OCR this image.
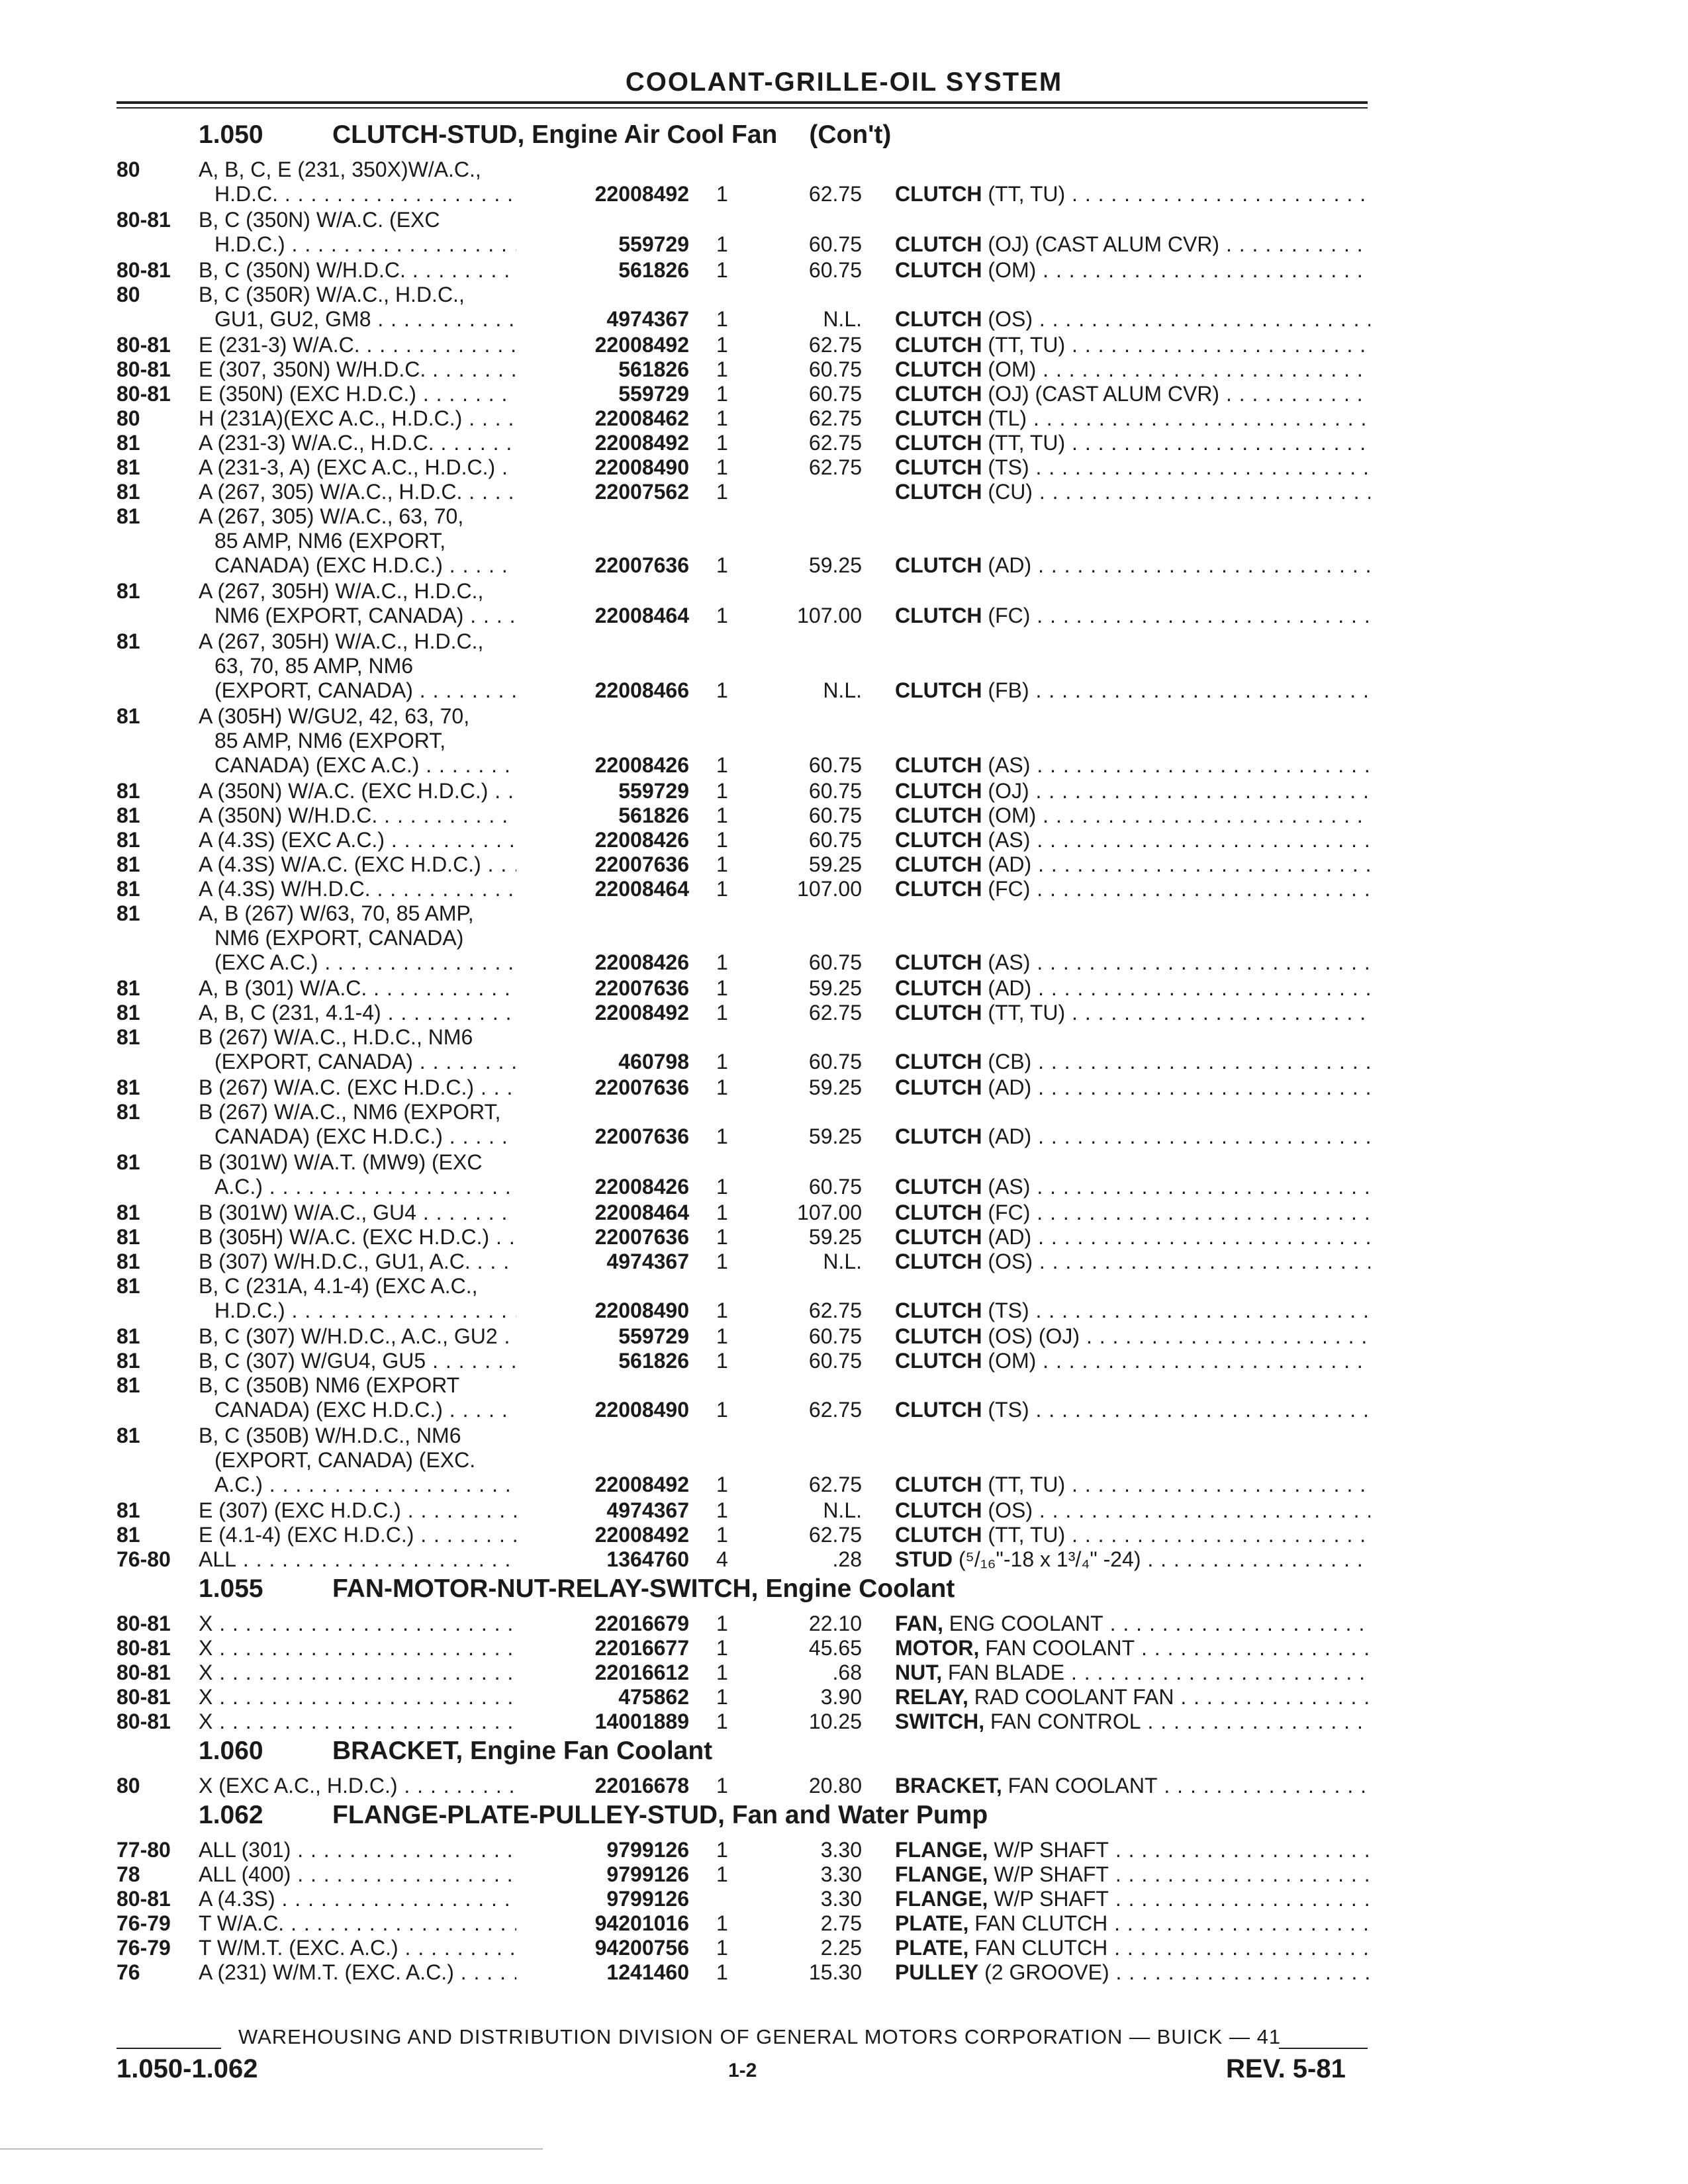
COOLANT-GRILLE-OIL SYSTEM
1.050	CLUTCH-STUD, Engine Air Cool Fan (Con't)
80	A, B, C, E (231, 350X)W/A.C.,
H.D.C. . . .	22008492 1	62.75 CLUTCH (TT, TU) . . .
80-81 B, C (350N) W/A.C. (EXC
H.D.C.) . . .	559729 1	60.75 CLUTCH (OJ) (CAST ALUM CVR) . . .
80-81 B, C (350N) W/H.D.C. . . .	561826 1	60.75 CLUTCH (OM) . . .
80	B, C (350R) W/A.C., H.D.C.,
GU1, GU2, GM8 . . .	4974367 1	N.L. CLUTCH (OS) . . .
80-81 E (231-3) W/A.C. . . .	22008492 1	62.75 CLUTCH (TT, TU) . . .
80-81 E (307, 350N) W/H.D.C. . . .	561826 1	60.75 CLUTCH (OM) . . .
80-81 E (350N) (EXC H.D.C.) . . .	559729 1	60.75 CLUTCH (OJ) (CAST ALUM CVR) . . .
80	H (231A)(EXC A.C., H.D.C.) . . .	22008462 1	62.75 CLUTCH (TL) . . .
81	A (231-3) W/A.C., H.D.C. . . .	22008492 1	62.75 CLUTCH (TT, TU) . . .
81	A (231-3, A) (EXC A.C., H.D.C.) . . .	22008490 1	62.75 CLUTCH (TS) . . .
81	A (267, 305) W/A.C., H.D.C. . . .	22007562 1	CLUTCH (CU) . . .
81	A (267, 305) W/A.C., 63, 70,
85 AMP, NM6 (EXPORT,
CANADA) (EXC H.D.C.) . . .	22007636 1	59.25 CLUTCH (AD) . . .
81	A (267, 305H) W/A.C., H.D.C.,
NM6 (EXPORT, CANADA) . . .	22008464 1	107.00 CLUTCH (FC) . . .
81	A (267, 305H) W/A.C., H.D.C.,
63, 70, 85 AMP, NM6
(EXPORT, CANADA) . . .	22008466 1	N.L. CLUTCH (FB) . . .
81	A (305H) W/GU2, 42, 63, 70,
85 AMP, NM6 (EXPORT,
CANADA) (EXC A.C.) . . .	22008426 1	60.75 CLUTCH (AS) . . .
81	A (350N) W/A.C. (EXC H.D.C.) . . .	559729 1	60.75 CLUTCH (OJ) . . .
81	A (350N) W/H.D.C. . . .	561826 1	60.75 CLUTCH (OM) . . .
81	A (4.3S) (EXC A.C.) . . .	22008426 1	60.75 CLUTCH (AS) . . .
81	A (4.3S) W/A.C. (EXC H.D.C.) . . .	22007636 1	59.25 CLUTCH (AD) . . .
81	A (4.3S) W/H.D.C. . . .	22008464 1	107.00 CLUTCH (FC) . . .
81	A, B (267) W/63, 70, 85 AMP,
NM6 (EXPORT, CANADA)
(EXC A.C.) . . .	22008426 1	60.75 CLUTCH (AS) . . .
81	A, B (301) W/A.C. . . .	22007636 1	59.25 CLUTCH (AD) . . .
81	A, B, C (231, 4.1-4) . . .	22008492 1	62.75 CLUTCH (TT, TU) . . .
81	B (267) W/A.C., H.D.C., NM6
(EXPORT, CANADA) . . .	460798 1	60.75 CLUTCH (CB) . . .
81	B (267) W/A.C. (EXC H.D.C.) . . .	22007636 1	59.25 CLUTCH (AD) . . .
81	B (267) W/A.C., NM6 (EXPORT,
CANADA) (EXC H.D.C.) . . .	22007636 1	59.25 CLUTCH (AD) . . .
81	B (301W) W/A.T. (MW9) (EXC
A.C.) . . .	22008426 1	60.75 CLUTCH (AS) . . .
81	B (301W) W/A.C., GU4 . . .	22008464 1	107.00 CLUTCH (FC) . . .
81	B (305H) W/A.C. (EXC H.D.C.) . . .	22007636 1	59.25 CLUTCH (AD) . . .
81	B (307) W/H.D.C., GU1, A.C. . . .	4974367 1	N.L. CLUTCH (OS) . . .
81	B, C (231A, 4.1-4) (EXC A.C.,
H.D.C.) . . .	22008490 1	62.75 CLUTCH (TS) . . .
81	B, C (307) W/H.D.C., A.C., GU2 . . .	559729 1	60.75 CLUTCH (OS) (OJ) . . .
81	B, C (307) W/GU4, GU5 . . .	561826 1	60.75 CLUTCH (OM) . . .
81	B, C (350B) NM6 (EXPORT
CANADA) (EXC H.D.C.) . . .	22008490 1	62.75 CLUTCH (TS) . . .
81	B, C (350B) W/H.D.C., NM6
(EXPORT, CANADA) (EXC.
A.C.) . . .	22008492 1	62.75 CLUTCH (TT, TU) . . .
81	E (307) (EXC H.D.C.) . . .	4974367 1	N.L. CLUTCH (OS) . . .
81	E (4.1-4) (EXC H.D.C.) . . .	22008492 1	62.75 CLUTCH (TT, TU) . . .
76-80 ALL . . .	1364760 4	.28 STUD (⁵/₁₆"-18 x 1³/₄" -24) . . .
1.055	FAN-MOTOR-NUT-RELAY-SWITCH, Engine Coolant
80-81 X . . .	22016679 1	22.10 FAN, ENG COOLANT . . .
80-81 X . . .	22016677 1	45.65 MOTOR, FAN COOLANT . . .
80-81 X . . .	22016612 1	.68 NUT, FAN BLADE . . .
80-81 X . . .	475862 1	3.90 RELAY, RAD COOLANT FAN . . .
80-81 X . . .	14001889 1	10.25 SWITCH, FAN CONTROL . . .
1.060	BRACKET, Engine Fan Coolant
80	X (EXC A.C., H.D.C.) . . .	22016678 1	20.80 BRACKET, FAN COOLANT . . .
1.062	FLANGE-PLATE-PULLEY-STUD, Fan and Water Pump
77-80 ALL (301) . . .	9799126 1	3.30 FLANGE, W/P SHAFT . . .
78	ALL (400) . . .	9799126 1	3.30 FLANGE, W/P SHAFT . . .
80-81 A (4.3S) . . .	9799126	3.30 FLANGE, W/P SHAFT . . .
76-79 T W/A.C. . . .	94201016 1	2.75 PLATE, FAN CLUTCH . . .
76-79 T W/M.T. (EXC. A.C.) . . .	94200756 1	2.25 PLATE, FAN CLUTCH . . .
76	A (231) W/M.T. (EXC. A.C.) . . .	1241460 1	15.30 PULLEY (2 GROOVE) . . .
WAREHOUSING AND DISTRIBUTION DIVISION OF GENERAL MOTORS CORPORATION — BUICK — 41
1.050-1.062	1-2	REV. 5-81
